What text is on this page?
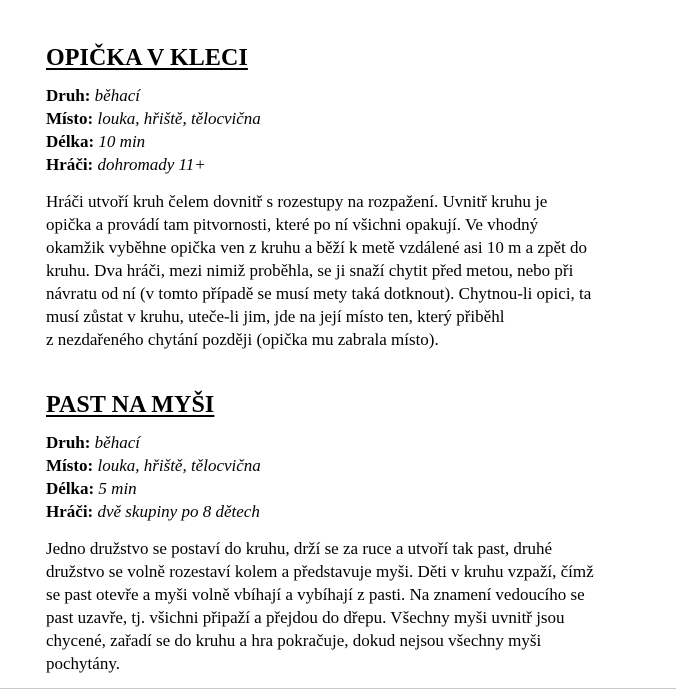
OPIČKA V KLECI
Druh: běhací
Místo: louka, hřiště, tělocvična
Délka: 10 min
Hráči: dohromady 11+
Hráči utvoří kruh čelem dovnitř s rozestupy na rozpažení. Uvnitř kruhu je
opička a provádí tam pitvornosti, které po ní všichni opakují. Ve vhodný
okamžik vyběhne opička ven z kruhu a běží k metě vzdálené asi 10 m a zpět do
kruhu. Dva hráči, mezi nimiž proběhla, se ji snaží chytit před metou, nebo při
návratu od ní (v tomto případě se musí mety taká dotknout). Chytnou-li opici, ta
musí zůstat v kruhu, uteče-li jim, jde na její místo ten, který přiběhl
z nezdařeného chytání později (opička mu zabrala místo).
PAST NA MYŠI
Druh: běhací
Místo: louka, hřiště, tělocvična
Délka: 5 min
Hráči: dvě skupiny po 8 dětech
Jedno družstvo se postaví do kruhu, drží se za ruce a utvoří tak past, druhé
družstvo se volně rozestaví kolem a představuje myši. Děti v kruhu vzpaží, čímž
se past otevře a myši volně vbíhají a vybíhají z pasti. Na znamení vedoucího se
past uzavře, tj. všichni připaží a přejdou do dřepu. Všechny myši uvnitř jsou
chycené, zařadí se do kruhu a hra pokračuje, dokud nejsou všechny myši
pochytány.
